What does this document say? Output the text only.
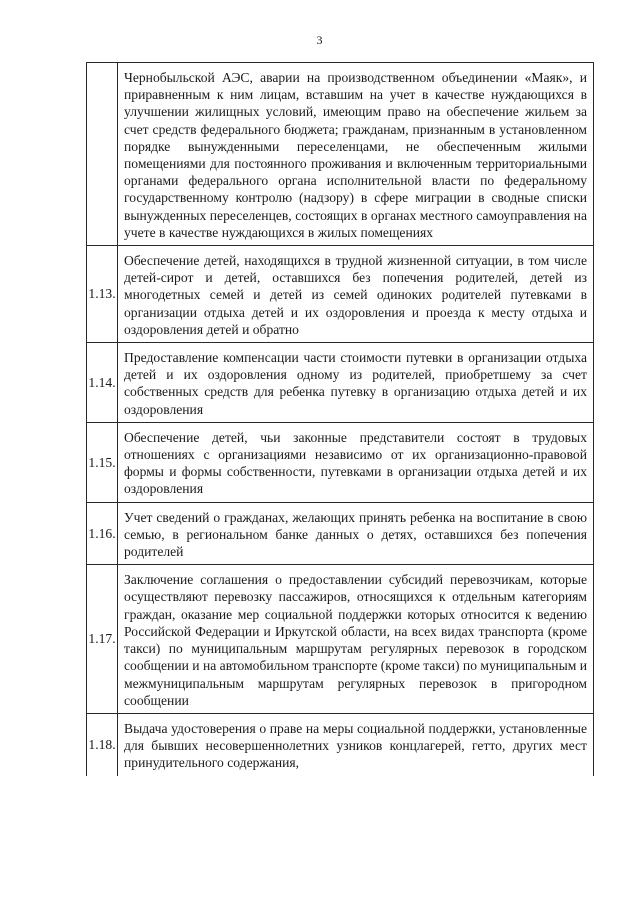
3
	Чернобыльской АЭС, аварии на производственном объединении «Маяк», и приравненным к ним лицам, вставшим на учет в качестве нуждающихся в улучшении жилищных условий, имеющим право на обеспечение жильем за счет средств федерального бюджета; гражданам, признанным в установленном порядке вынужденными переселенцами, не обеспеченным жилыми помещениями для постоянного проживания и включенным территориальными органами федерального органа исполнительной власти по федеральному государственному контролю (надзору) в сфере миграции в сводные списки вынужденных переселенцев, состоящих в органах местного самоуправления на учете в качестве нуждающихся в жилых помещениях
1.13.	Обеспечение детей, находящихся в трудной жизненной ситуации, в том числе детей-сирот и детей, оставшихся без попечения родителей, детей из многодетных семей и детей из семей одиноких родителей путевками в организации отдыха детей и их оздоровления и проезда к месту отдыха и оздоровления детей и обратно
1.14.	Предоставление компенсации части стоимости путевки в организации отдыха детей и их оздоровления одному из родителей, приобретшему за счет собственных средств для ребенка путевку в организацию отдыха детей и их оздоровления
1.15.	Обеспечение детей, чьи законные представители состоят в трудовых отношениях с организациями независимо от их организационно-правовой формы и формы собственности, путевками в организации отдыха детей и их оздоровления
1.16.	Учет сведений о гражданах, желающих принять ребенка на воспитание в свою семью, в региональном банке данных о детях, оставшихся без попечения родителей
1.17.	Заключение соглашения о предоставлении субсидий перевозчикам, которые осуществляют перевозку пассажиров, относящихся к отдельным категориям граждан, оказание мер социальной поддержки которых относится к ведению Российской Федерации и Иркутской области, на всех видах транспорта (кроме такси) по муниципальным маршрутам регулярных перевозок в городском сообщении и на автомобильном транспорте (кроме такси) по муниципальным и межмуниципальным маршрутам регулярных перевозок в пригородном сообщении
1.18.	Выдача удостоверения о праве на меры социальной поддержки, установленные для бывших несовершеннолетних узников концлагерей, гетто, других мест принудительного содержания,
